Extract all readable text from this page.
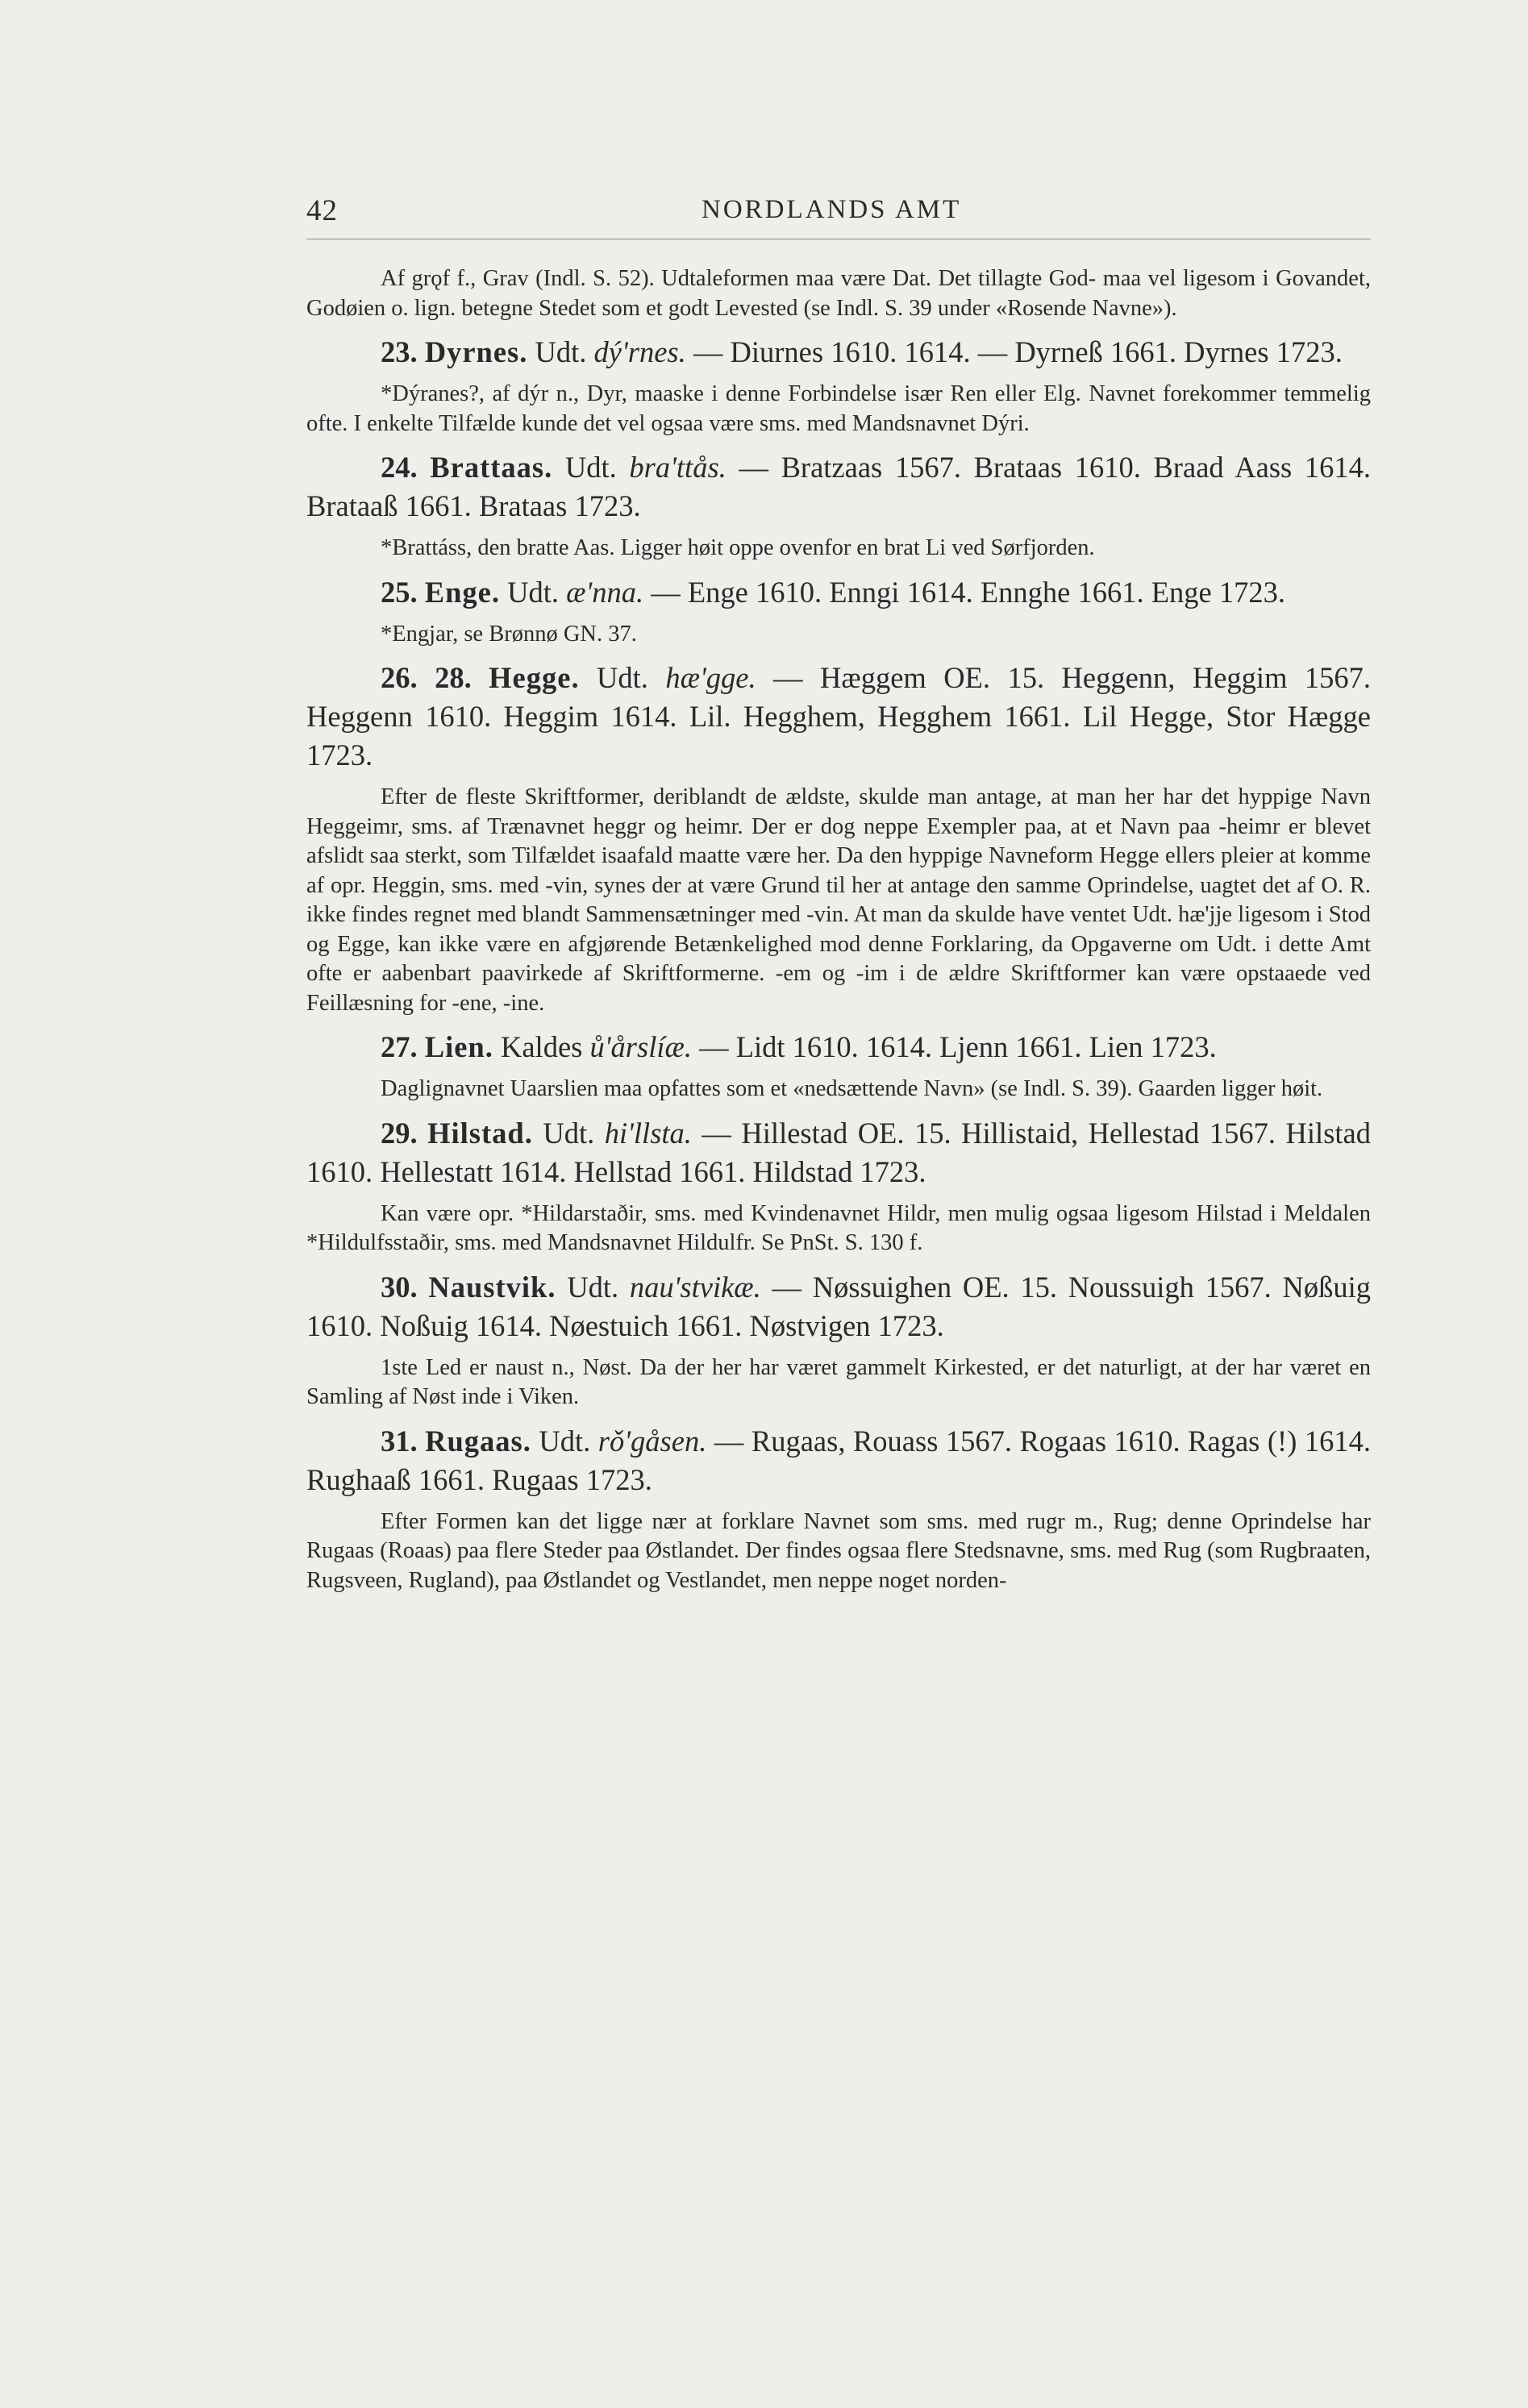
42	NORDLANDS AMT

Af grǫf f., Grav (Indl. S. 52). Udtaleformen maa være Dat. Det tillagte God- maa vel ligesom i Govandet, Godøien o. lign. betegne Stedet som et godt Levested (se Indl. S. 39 under «Rosende Navne»).

23. Dyrnes. Udt. dý'rnes. — Diurnes 1610. 1614. — Dyrneß 1661. Dyrnes 1723.

*Dýranes?, af dýr n., Dyr, maaske i denne Forbindelse især Ren eller Elg. Navnet forekommer temmelig ofte. I enkelte Tilfælde kunde det vel ogsaa være sms. med Mandsnavnet Dýri.

24. Brattaas. Udt. bra'ttås. — Bratzaas 1567. Brataas 1610. Braad Aass 1614. Brataaß 1661. Brataas 1723.

*Brattáss, den bratte Aas. Ligger høit oppe ovenfor en brat Li ved Sørfjorden.

25. Enge. Udt. æ'nna. — Enge 1610. Enngi 1614. Ennghe 1661. Enge 1723.

*Engjar, se Brønnø GN. 37.

26. 28. Hegge. Udt. hæ'gge. — Hæggem OE. 15. Heggenn, Heggim 1567. Heggenn 1610. Heggim 1614. Lil. Hegghem, Hegghem 1661. Lil Hegge, Stor Hægge 1723.

Efter de fleste Skriftformer, deriblandt de ældste, skulde man antage, at man her har det hyppige Navn Heggeimr, sms. af Trænavnet heggr og heimr. Der er dog neppe Exempler paa, at et Navn paa -heimr er blevet afslidt saa sterkt, som Tilfældet isaafald maatte være her. Da den hyppige Navneform Hegge ellers pleier at komme af opr. Heggin, sms. med -vin, synes der at være Grund til her at antage den samme Oprindelse, uagtet det af O. R. ikke findes regnet med blandt Sammensætninger med -vin. At man da skulde have ventet Udt. hæ'jje ligesom i Stod og Egge, kan ikke være en afgjørende Betænkelighed mod denne Forklaring, da Opgaverne om Udt. i dette Amt ofte er aabenbart paavirkede af Skriftformerne. -em og -im i de ældre Skriftformer kan være opstaaede ved Feillæsning for -ene, -ine.

27. Lien. Kaldes ů'årslíæ. — Lidt 1610. 1614. Ljenn 1661. Lien 1723.

Daglignavnet Uaarslien maa opfattes som et «nedsættende Navn» (se Indl. S. 39). Gaarden ligger høit.

29. Hilstad. Udt. hi'llsta. — Hillestad OE. 15. Hillistaid, Hellestad 1567. Hilstad 1610. Hellestatt 1614. Hellstad 1661. Hildstad 1723.

Kan være opr. *Hildarstaðir, sms. med Kvindenavnet Hildr, men mulig ogsaa ligesom Hilstad i Meldalen *Hildulfsstaðir, sms. med Mandsnavnet Hildulfr. Se PnSt. S. 130 f.

30. Naustvik. Udt. nau'stvikæ. — Nøssuighen OE. 15. Noussuigh 1567. Nøßuig 1610. Noßuig 1614. Nøestuich 1661. Nøstvigen 1723.

1ste Led er naust n., Nøst. Da der her har været gammelt Kirkested, er det naturligt, at der har været en Samling af Nøst inde i Viken.

31. Rugaas. Udt. rǒ'gåsen. — Rugaas, Rouass 1567. Rogaas 1610. Ragas (!) 1614. Rughaaß 1661. Rugaas 1723.

Efter Formen kan det ligge nær at forklare Navnet som sms. med rugr m., Rug; denne Oprindelse har Rugaas (Roaas) paa flere Steder paa Østlandet. Der findes ogsaa flere Stedsnavne, sms. med Rug (som Rugbraaten, Rugsveen, Rugland), paa Østlandet og Vestlandet, men neppe noget norden-
